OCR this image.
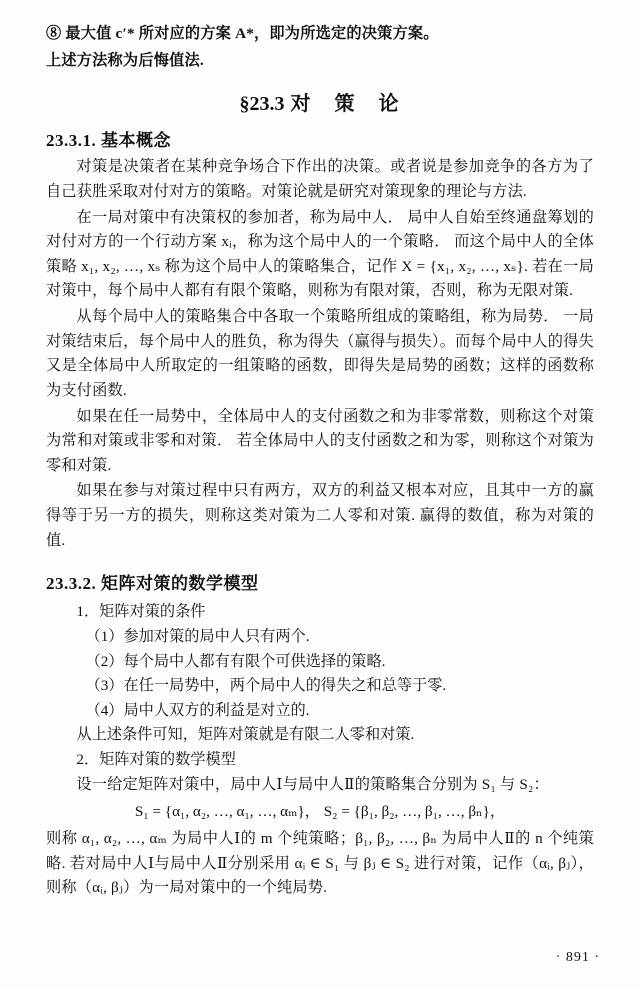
⑧ 最大值 c′* 所对应的方案 A*，即为所选定的决策方案。

上述方法称为后悔值法.

§23.3 对　策　论
23.3.1. 基本概念

对策是决策者在某种竞争场合下作出的决策。或者说是参加竞争的各方为了自己获胜采取对付对方的策略。对策论就是研究对策现象的理论与方法.

在一局对策中有决策权的参加者，称为局中人． 局中人自始至终通盘筹划的对付对方的一个行动方案 xᵢ，称为这个局中人的一个策略． 而这个局中人的全体策略 x₁, x₂, …, xₛ 称为这个局中人的策略集合，记作 X = {x₁, x₂, …, xₛ}. 若在一局对策中，每个局中人都有有限个策略，则称为有限对策，否则，称为无限对策.

从每个局中人的策略集合中各取一个策略所组成的策略组，称为局势． 一局对策结束后，每个局中人的胜负，称为得失（赢得与损失）。而每个局中人的得失又是全体局中人所取定的一组策略的函数，即得失是局势的函数；这样的函数称为支付函数.

如果在任一局势中，全体局中人的支付函数之和为非零常数，则称这个对策为常和对策或非零和对策． 若全体局中人的支付函数之和为零，则称这个对策为零和对策.

如果在参与对策过程中只有两方，双方的利益又根本对应，且其中一方的赢得等于另一方的损失，则称这类对策为二人零和对策. 赢得的数值，称为对策的值.

23.3.2. 矩阵对策的数学模型

1．矩阵对策的条件

（1）参加对策的局中人只有两个.

（2）每个局中人都有有限个可供选择的策略.

（3）在任一局势中，两个局中人的得失之和总等于零.

（4）局中人双方的利益是对立的.

从上述条件可知，矩阵对策就是有限二人零和对策.

2．矩阵对策的数学模型

设一给定矩阵对策中，局中人Ⅰ与局中人Ⅱ的策略集合分别为 S₁ 与 S₂：

S₁ = {α₁, α₂, …, α₁, …, αₘ}， S₂ = {β₁, β₂, …, β₁, …, βₙ}，

则称 α₁, α₂, …, αₘ 为局中人Ⅰ的 m 个纯策略；β₁, β₂, …, βₙ 为局中人Ⅱ的 n 个纯策略. 若对局中人Ⅰ与局中人Ⅱ分别采用 αᵢ ∈ S₁ 与 βⱼ ∈ S₂ 进行对策，记作（αᵢ, βⱼ），则称（αᵢ, βⱼ）为一局对策中的一个纯局势.

· 891 ·
